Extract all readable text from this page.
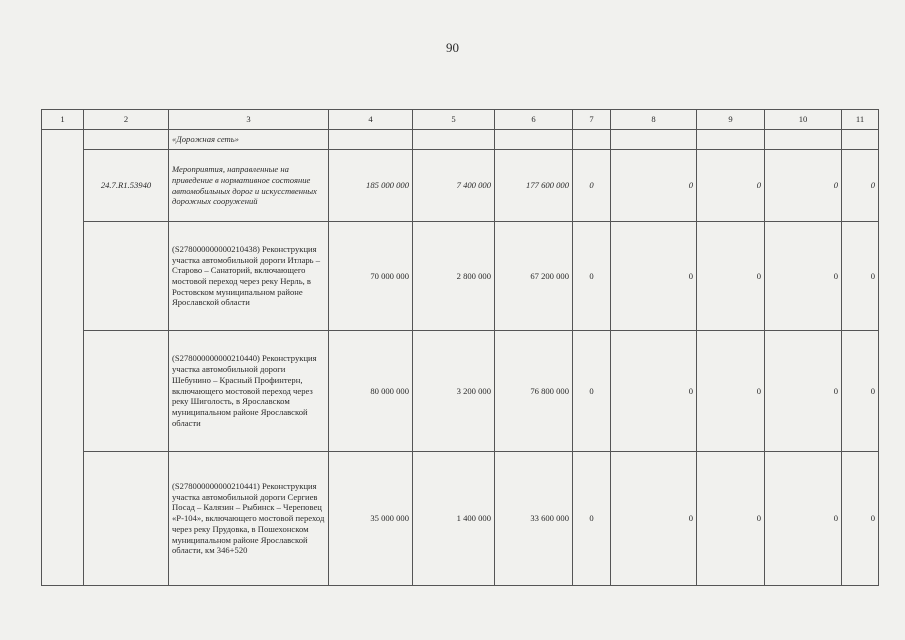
90
1	2	3	4	5	6	7	8	9	10	11
		«Дорожная сеть»								
	24.7.R1.53940	Мероприятия, направленные на приведение в нормативное состояние автомобильных дорог и искусственных дорожных сооружений	185 000 000	7 400 000	177 600 000	0	0	0	0	0
		(S278000000000210438) Реконструкция участка автомобильной дороги Итларь – Старово – Санаторий, включающего мостовой переход через реку Нерль, в Ростовском муниципальном районе Ярославской области	70 000 000	2 800 000	67 200 000	0	0	0	0	0
		(S278000000000210440) Реконструкция участка автомобильной дороги Шебунино – Красный Профинтерн, включающего мостовой переход через реку Шиголость, в Ярославском муниципальном районе Ярославской области	80 000 000	3 200 000	76 800 000	0	0	0	0	0
		(S278000000000210441) Реконструкция участка автомобильной дороги Сергиев Посад – Калязин – Рыбинск – Череповец «Р-104», включающего мостовой переход через реку Прудовка, в Пошехонском муниципальном районе Ярославской области, км 346+520	35 000 000	1 400 000	33 600 000	0	0	0	0	0
